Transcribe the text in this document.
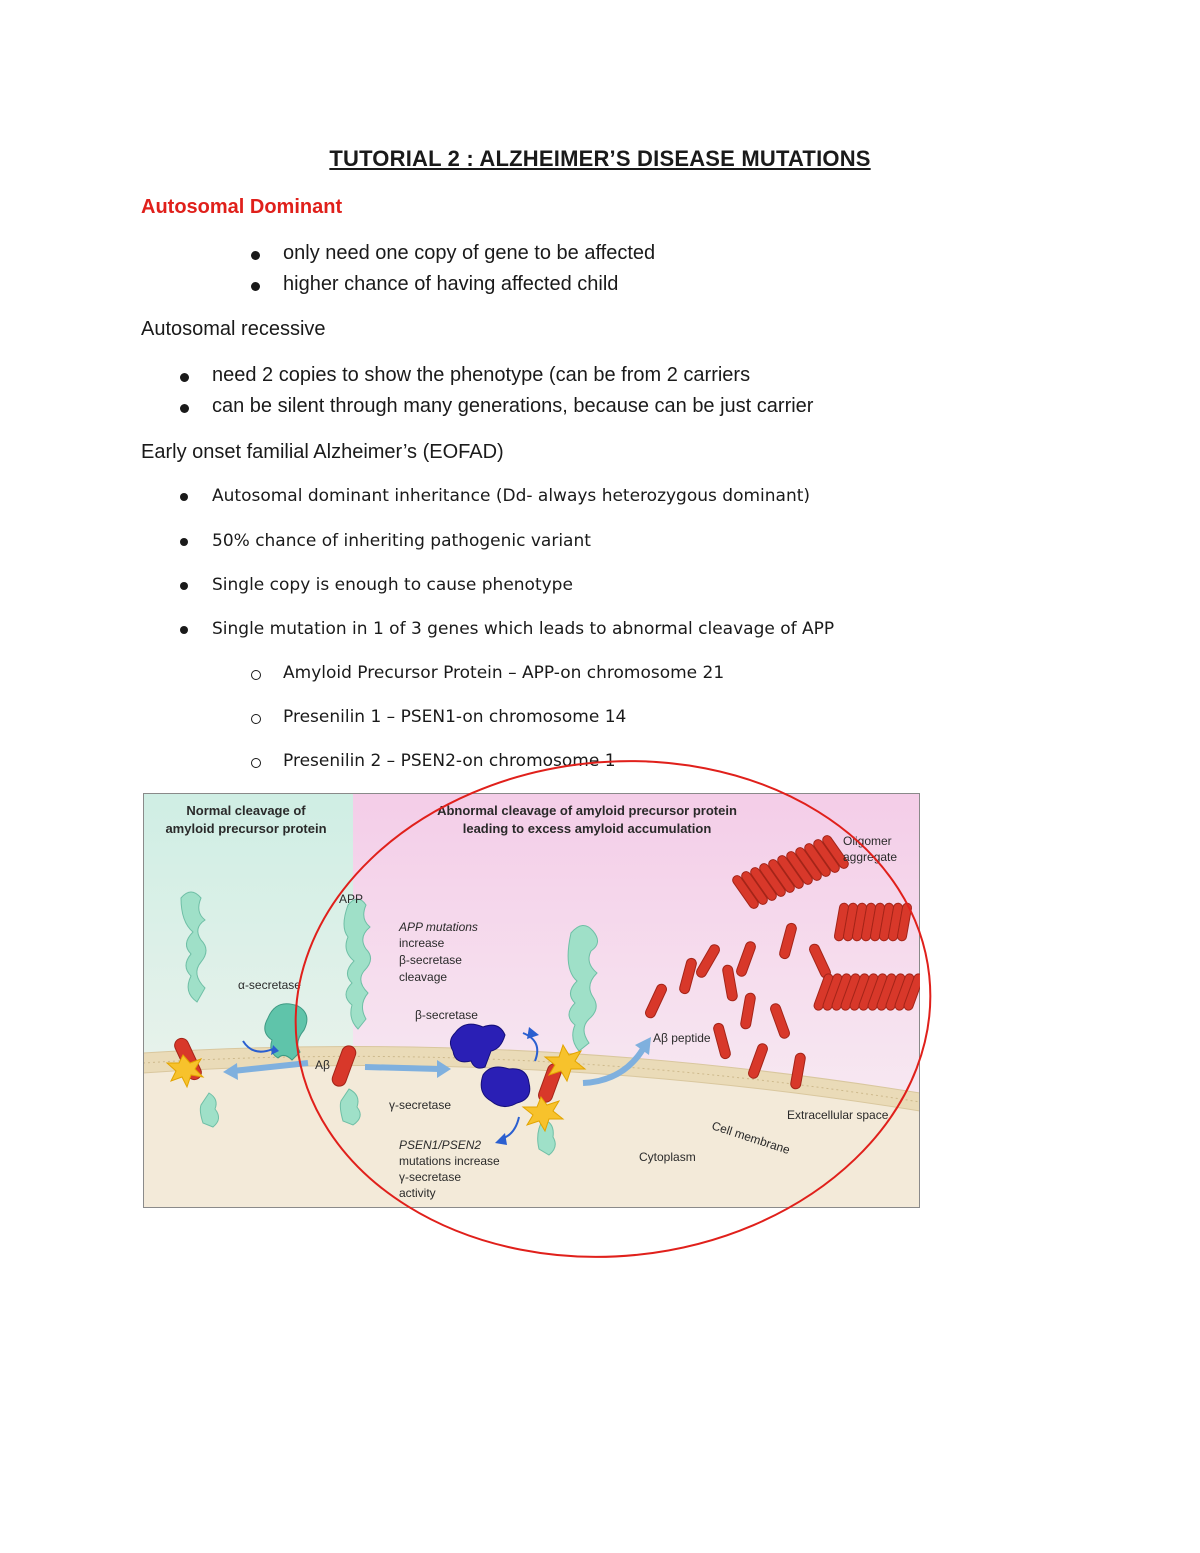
TUTORIAL 2 : ALZHEIMER’S DISEASE MUTATIONS
Autosomal Dominant
only need one copy of gene to be affected
higher chance of having affected child
Autosomal recessive
need 2 copies to show the phenotype (can be from 2 carriers
can be silent through many generations, because can be just carrier
Early onset familial Alzheimer’s (EOFAD)
Autosomal dominant inheritance (Dd- always heterozygous dominant)
50% chance of inheriting pathogenic variant
Single copy is enough to cause phenotype
Single mutation in 1 of 3 genes which leads to abnormal cleavage of APP
Amyloid Precursor Protein – APP-on chromosome 21
Presenilin 1 – PSEN1-on chromosome 14
Presenilin 2 – PSEN2-on chromosome 1
Normal cleavage of
amyloid precursor protein
Abnormal cleavage of amyloid precursor protein
leading to excess amyloid accumulation
α-secretase
Aβ
APP
APP mutations
increase
β-secretase
cleavage
β-secretase
γ-secretase
PSEN1/PSEN2
mutations increase
γ-secretase
activity
Aβ peptide
Oligomer
aggregate
Extracellular space
Cell membrane
Cytoplasm
